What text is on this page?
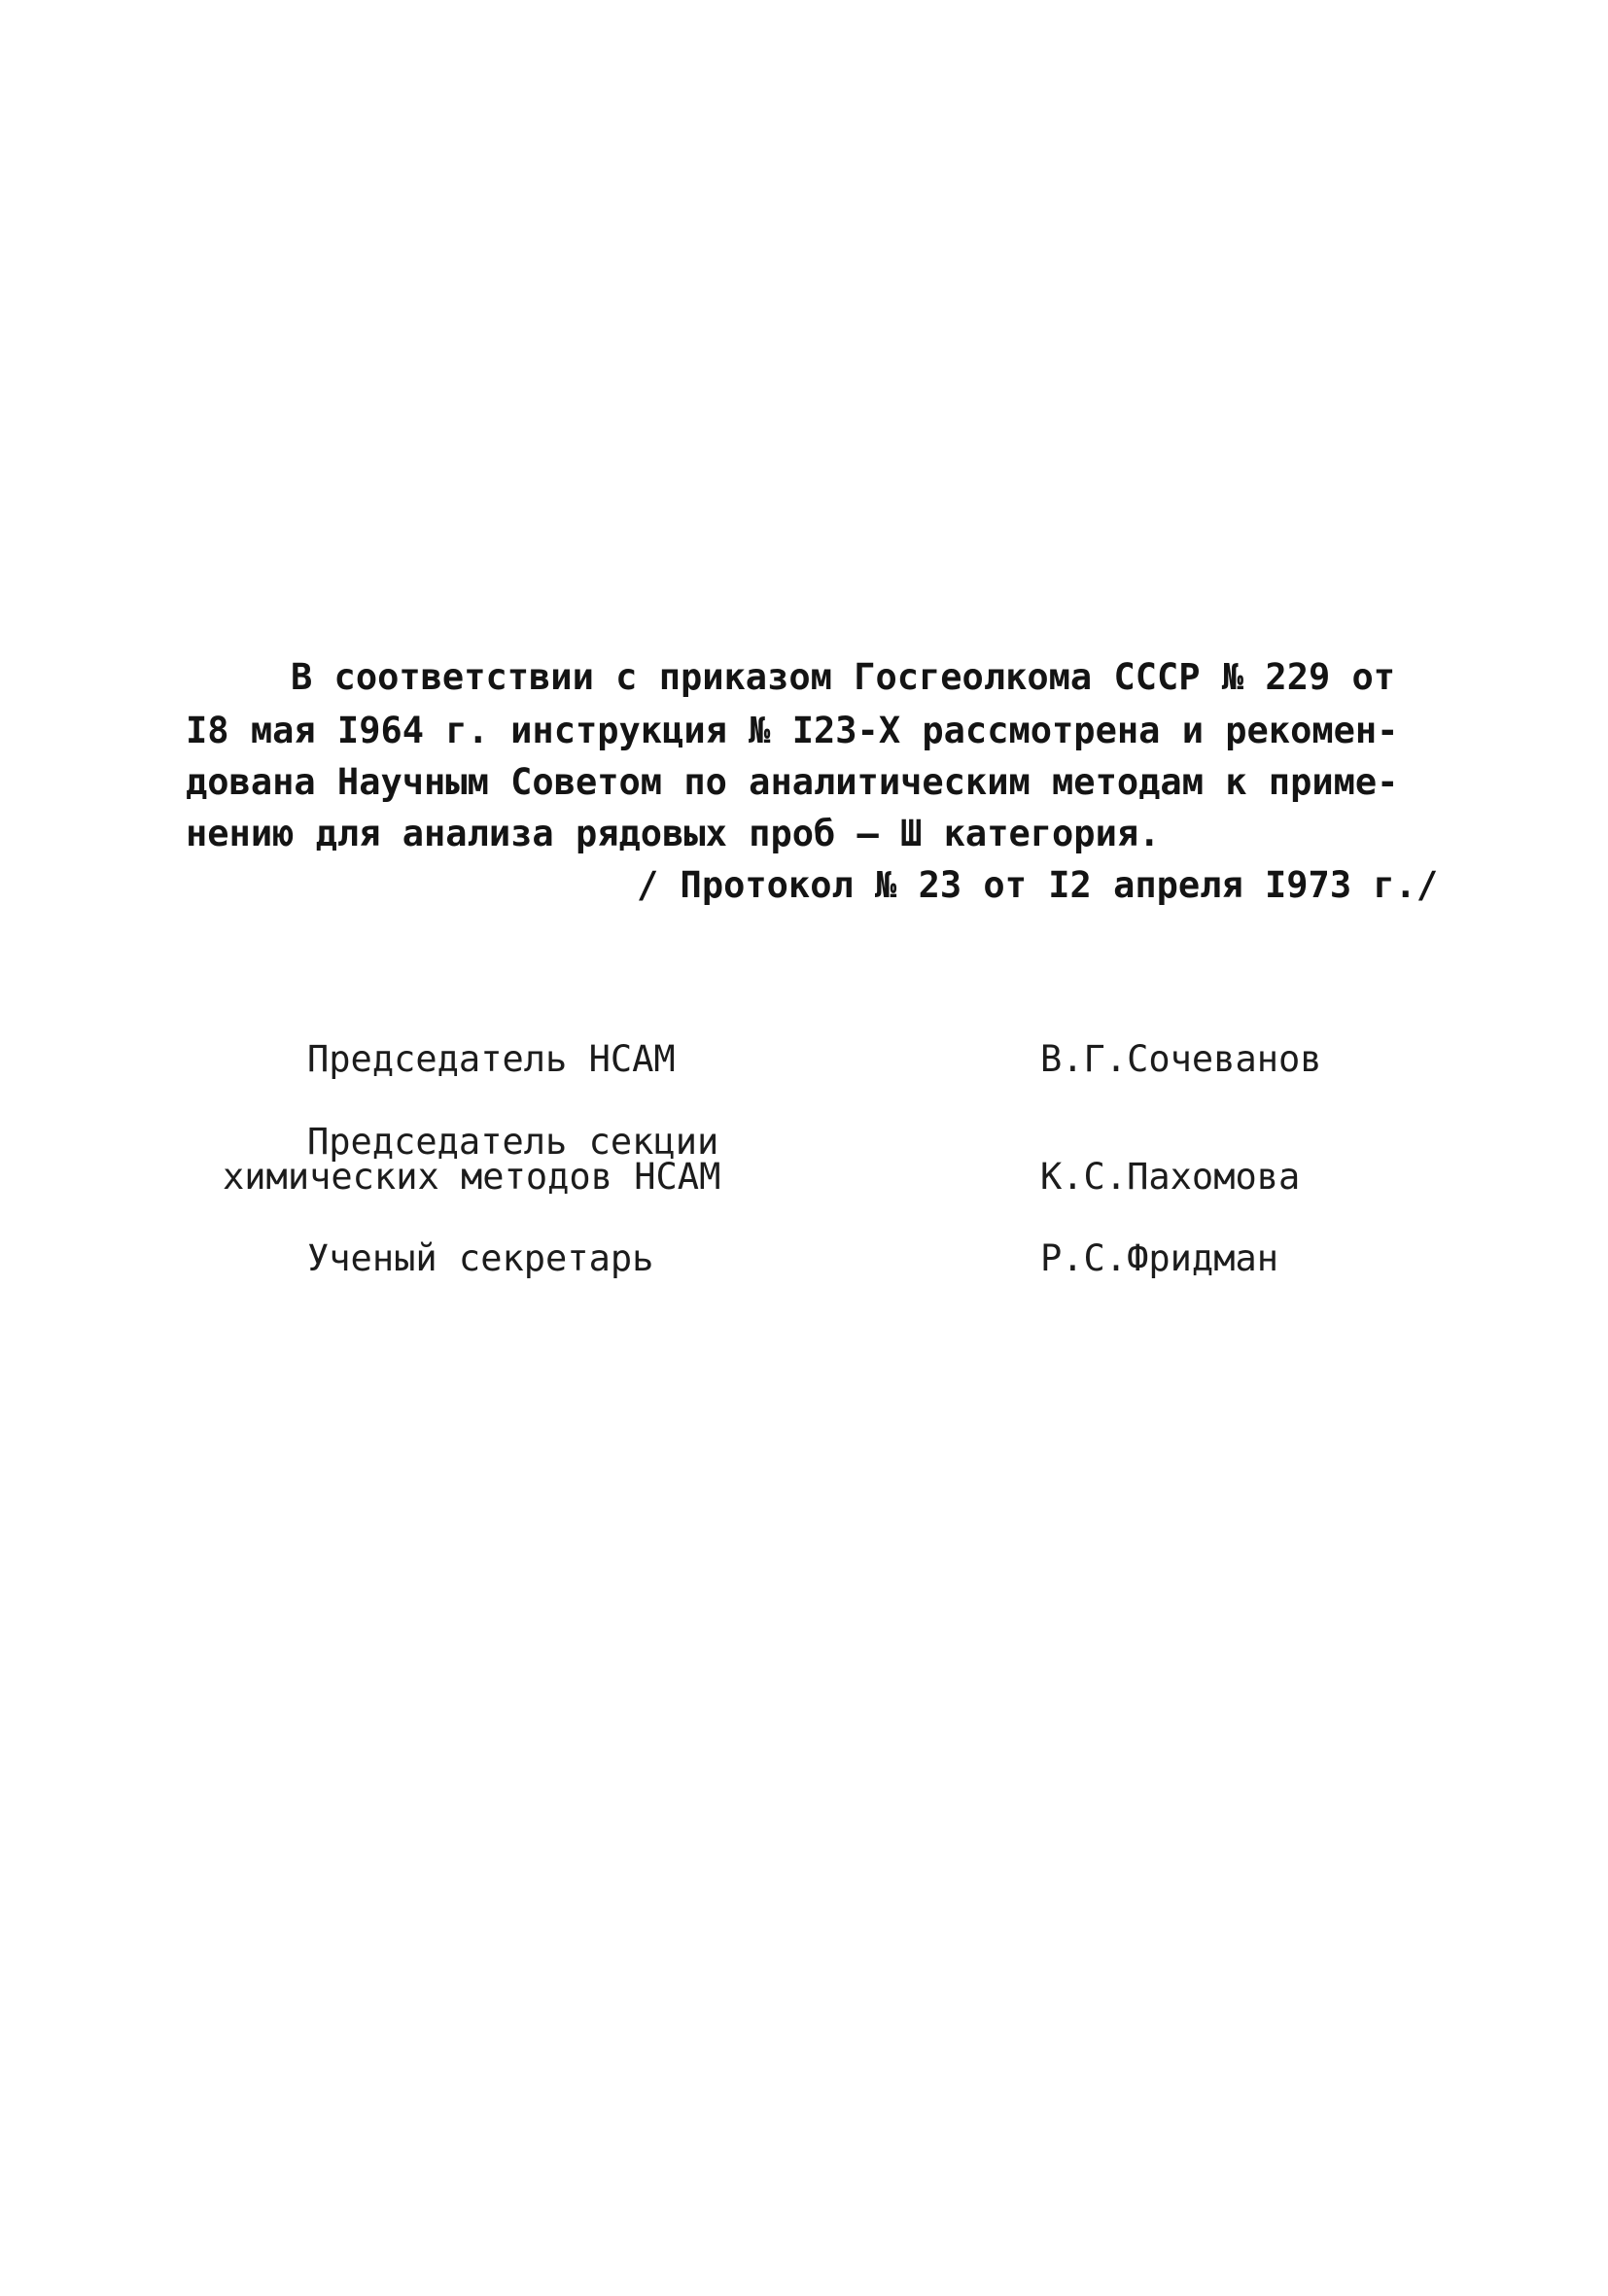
В соответствии с приказом Госгеолкома СССР № 229 от
I8 мая I964 г. инструкция № I23-Х рассмотрена и рекомен-
дована Научным Советом по аналитическим методам к приме-
нению для анализа рядовых проб – Ш категория.
/ Протокол № 23 от I2 апреля I973 г./
Председатель НСАМ	В.Г.Сочеванов
Председатель секции
химических методов НСАМ	К.С.Пахомова
Ученый секретарь	Р.С.Фридман
